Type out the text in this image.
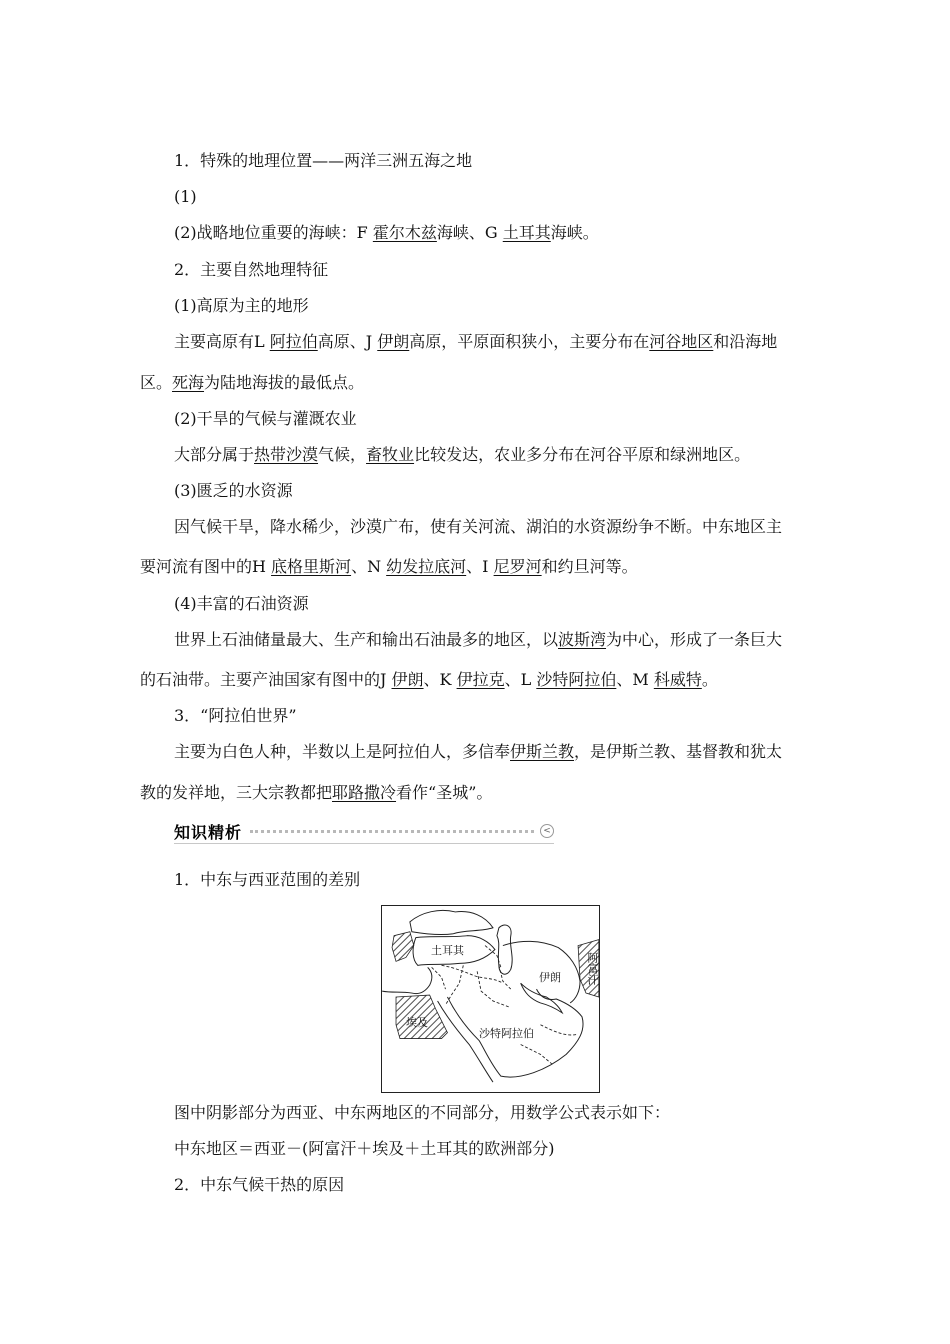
1．特殊的地理位置——两洋三洲五海之地
(1)
(2)战略地位重要的海峡：F 霍尔木兹海峡、G 土耳其海峡。
2．主要自然地理特征
(1)高原为主的地形
主要高原有L 阿拉伯高原、J 伊朗高原，平原面积狭小，主要分布在河谷地区和沿海地
区。死海为陆地海拔的最低点。
(2)干旱的气候与灌溉农业
大部分属于热带沙漠气候，畜牧业比较发达，农业多分布在河谷平原和绿洲地区。
(3)匮乏的水资源
因气候干旱，降水稀少，沙漠广布，使有关河流、湖泊的水资源纷争不断。中东地区主
要河流有图中的H 底格里斯河、N 幼发拉底河、I 尼罗河和约旦河等。
(4)丰富的石油资源
世界上石油储量最大、生产和输出石油最多的地区，以波斯湾为中心，形成了一条巨大
的石油带。主要产油国家有图中的J 伊朗、K 伊拉克、L 沙特阿拉伯、M 科威特。
3．“阿拉伯世界”
主要为白色人种，半数以上是阿拉伯人，多信奉伊斯兰教，是伊斯兰教、基督教和犹太
教的发祥地，三大宗教都把耶路撒冷看作“圣城”。
知识精析	<
1．中东与西亚范围的差别
土耳其
伊朗 阿富汗
埃及
沙特阿拉伯
图中阴影部分为西亚、中东两地区的不同部分，用数学公式表示如下：
中东地区＝西亚－(阿富汗＋埃及＋土耳其的欧洲部分)
2．中东气候干热的原因
